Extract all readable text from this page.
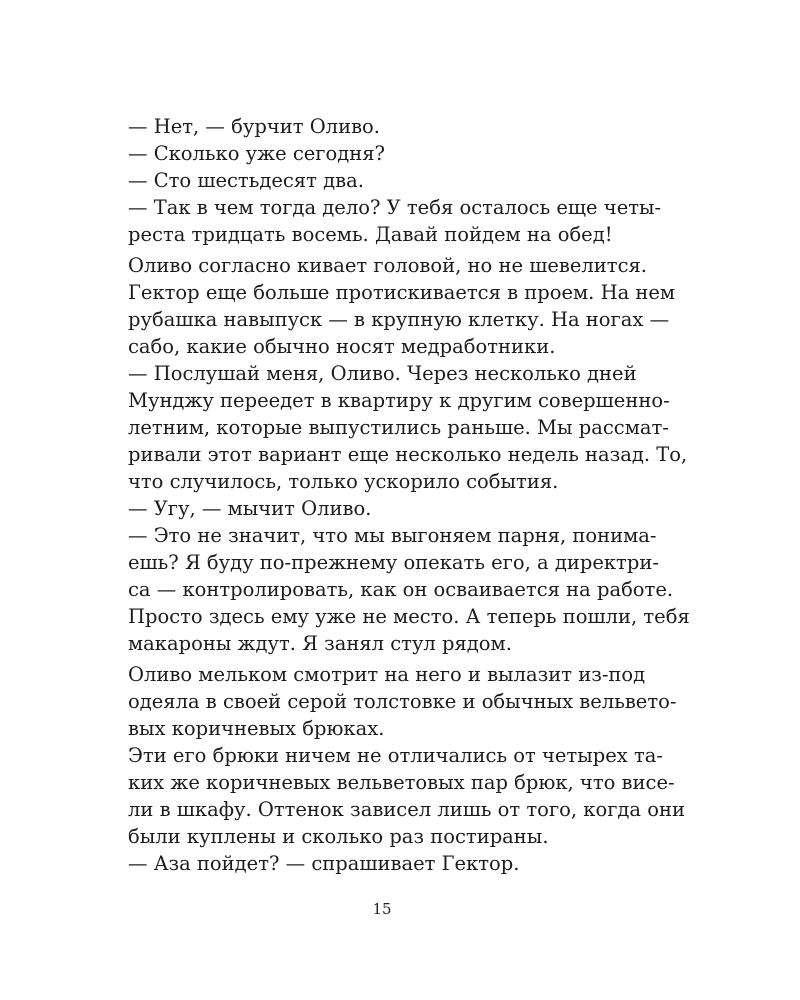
— Нет, — бурчит Оливо.
— Сколько уже сегодня?
— Сто шестьдесят два.
— Так в чем тогда дело? У тебя осталось еще четы-
реста тридцать восемь. Давай пойдем на обед!
Оливо согласно кивает головой, но не шевелится.
Гектор еще больше протискивается в проем. На нем
рубашка навыпуск — в крупную клетку. На ногах —
сабо, какие обычно носят медработники.
— Послушай меня, Оливо. Через несколько дней
Мунджу переедет в квартиру к другим совершенно-
летним, которые выпустились раньше. Мы рассмат-
ривали этот вариант еще несколько недель назад. То,
что случилось, только ускорило события.
— Угу, — мычит Оливо.
— Это не значит, что мы выгоняем парня, понима-
ешь? Я буду по-прежнему опекать его, а директри-
са — контролировать, как он осваивается на работе.
Просто здесь ему уже не место. А теперь пошли, тебя
макароны ждут. Я занял стул рядом.
Оливо мельком смотрит на него и вылазит из-под
одеяла в своей серой толстовке и обычных вельвето-
вых коричневых брюках.
Эти его брюки ничем не отличались от четырех та-
ких же коричневых вельветовых пар брюк, что висе-
ли в шкафу. Оттенок зависел лишь от того, когда они
были куплены и сколько раз постираны.
— Аза пойдет? — спрашивает Гектор.
15
